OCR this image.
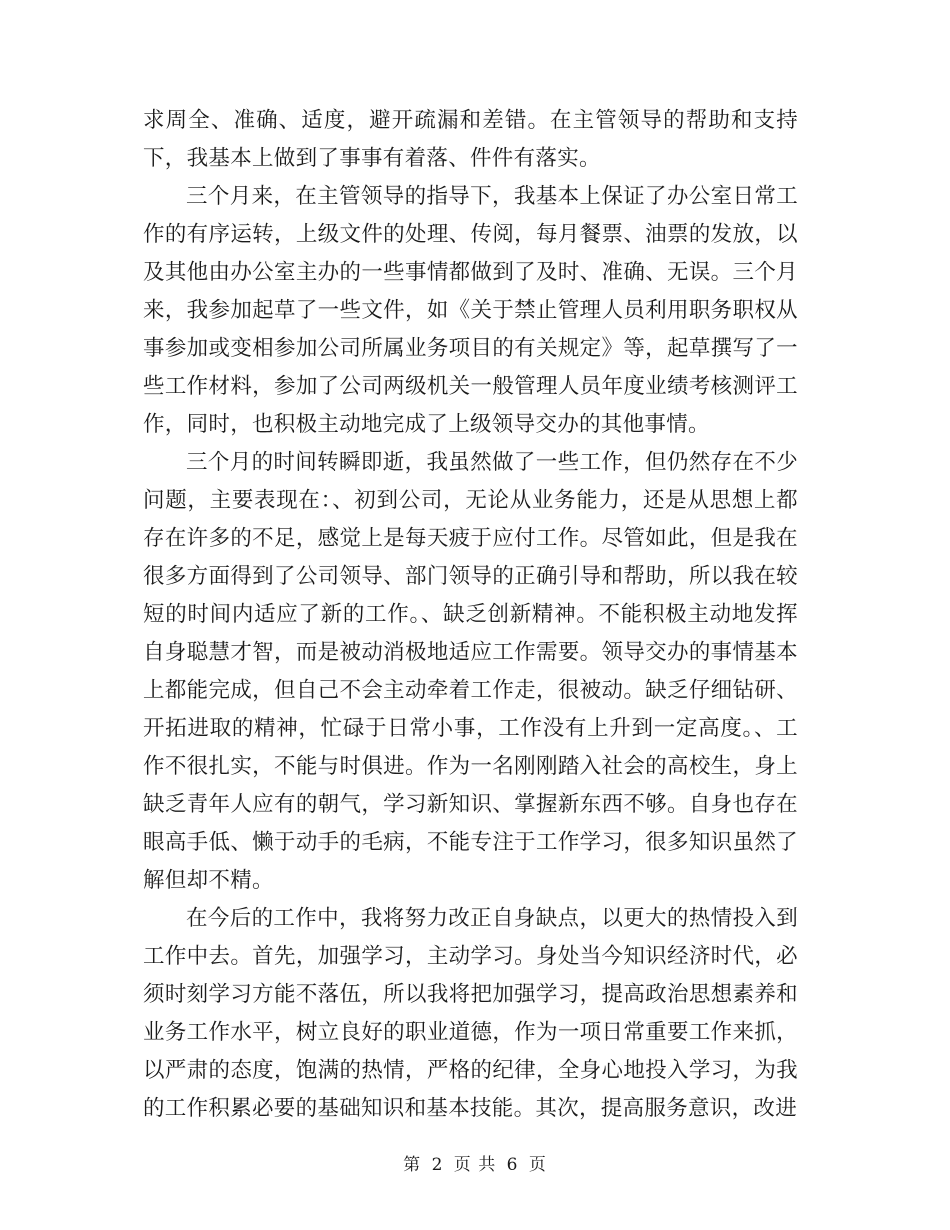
求周全、准确、适度，避开疏漏和差错。在主管领导的帮助和支持下，我基本上做到了事事有着落、件件有落实。

三个月来，在主管领导的指导下，我基本上保证了办公室日常工作的有序运转，上级文件的处理、传阅，每月餐票、油票的发放，以及其他由办公室主办的一些事情都做到了及时、准确、无误。三个月来，我参加起草了一些文件，如《关于禁止管理人员利用职务职权从事参加或变相参加公司所属业务项目的有关规定》等，起草撰写了一些工作材料，参加了公司两级机关一般管理人员年度业绩考核测评工作，同时，也积极主动地完成了上级领导交办的其他事情。

三个月的时间转瞬即逝，我虽然做了一些工作，但仍然存在不少问题，主要表现在：、初到公司，无论从业务能力，还是从思想上都存在许多的不足，感觉上是每天疲于应付工作。尽管如此，但是我在很多方面得到了公司领导、部门领导的正确引导和帮助，所以我在较短的时间内适应了新的工作。、缺乏创新精神。不能积极主动地发挥自身聪慧才智，而是被动消极地适应工作需要。领导交办的事情基本上都能完成，但自己不会主动牵着工作走，很被动。缺乏仔细钻研、开拓进取的精神，忙碌于日常小事，工作没有上升到一定高度。、工作不很扎实，不能与时俱进。作为一名刚刚踏入社会的高校生，身上缺乏青年人应有的朝气，学习新知识、掌握新东西不够。自身也存在眼高手低、懒于动手的毛病，不能专注于工作学习，很多知识虽然了解但却不精。

在今后的工作中，我将努力改正自身缺点，以更大的热情投入到工作中去。首先，加强学习，主动学习。身处当今知识经济时代，必须时刻学习方能不落伍，所以我将把加强学习，提高政治思想素养和业务工作水平，树立良好的职业道德，作为一项日常重要工作来抓，以严肃的态度，饱满的热情，严格的纪律，全身心地投入学习，为我的工作积累必要的基础知识和基本技能。其次，提高服务意识，改进

第 2 页 共 6 页
